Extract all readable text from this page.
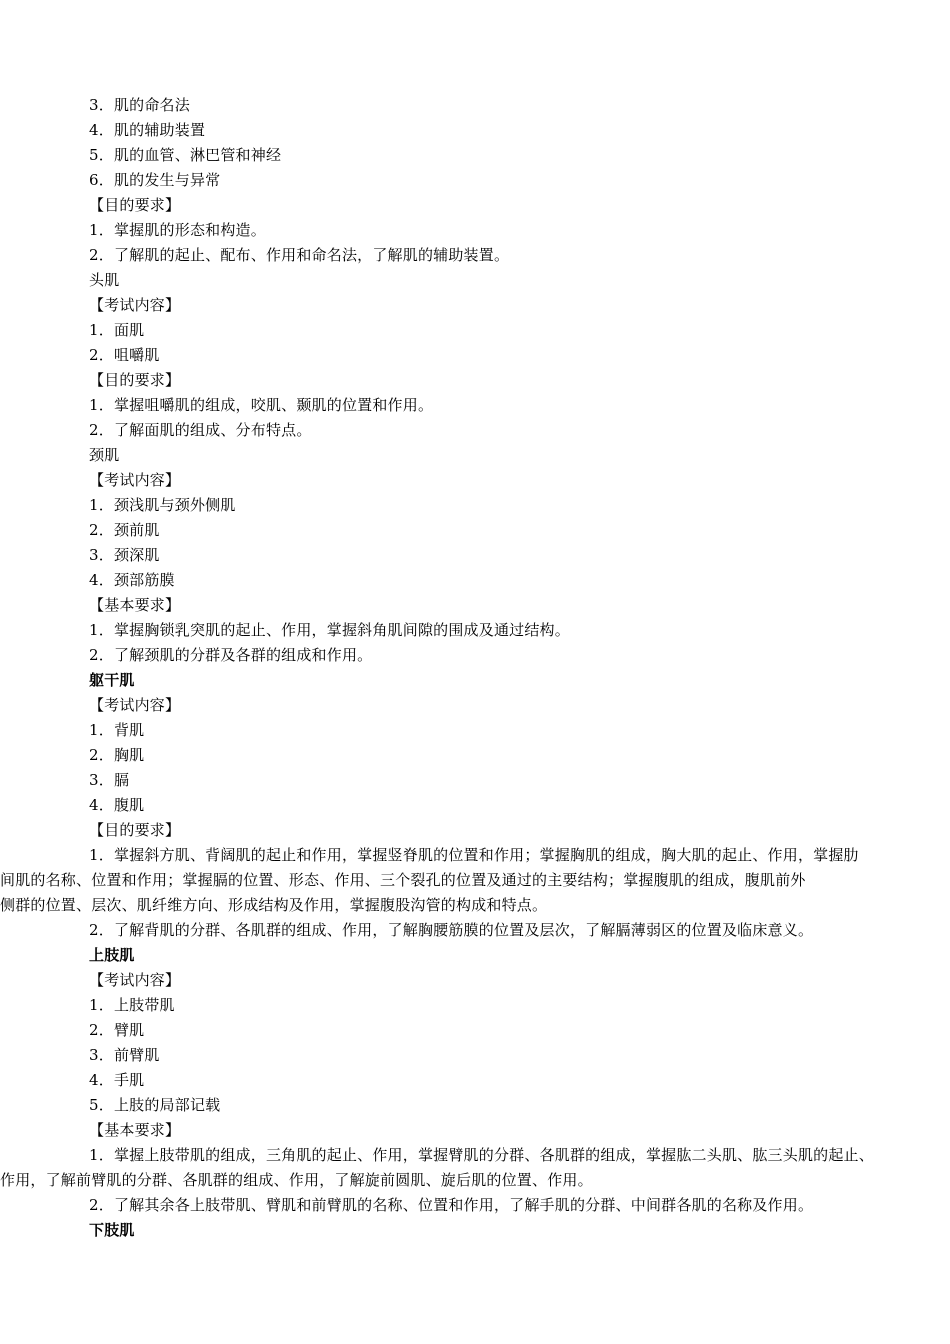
3．肌的命名法
4．肌的辅助装置
5．肌的血管、淋巴管和神经
6．肌的发生与异常
【目的要求】
1．掌握肌的形态和构造。
2．了解肌的起止、配布、作用和命名法，了解肌的辅助装置。
头肌
【考试内容】
1．面肌
2．咀嚼肌
【目的要求】
1．掌握咀嚼肌的组成，咬肌、颞肌的位置和作用。
2．了解面肌的组成、分布特点。
颈肌
【考试内容】
1．颈浅肌与颈外侧肌
2．颈前肌
3．颈深肌
4．颈部筋膜
【基本要求】
1．掌握胸锁乳突肌的起止、作用，掌握斜角肌间隙的围成及通过结构。
2．了解颈肌的分群及各群的组成和作用。
躯干肌
【考试内容】
1．背肌
2．胸肌
3．膈
4．腹肌
【目的要求】
1．掌握斜方肌、背阔肌的起止和作用，掌握竖脊肌的位置和作用；掌握胸肌的组成，胸大肌的起止、作用，掌握肋
间肌的名称、位置和作用；掌握膈的位置、形态、作用、三个裂孔的位置及通过的主要结构；掌握腹肌的组成，腹肌前外
侧群的位置、层次、肌纤维方向、形成结构及作用，掌握腹股沟管的构成和特点。
2．了解背肌的分群、各肌群的组成、作用，了解胸腰筋膜的位置及层次，了解膈薄弱区的位置及临床意义。
上肢肌
【考试内容】
1．上肢带肌
2．臂肌
3．前臂肌
4．手肌
5．上肢的局部记载
【基本要求】
1．掌握上肢带肌的组成，三角肌的起止、作用，掌握臂肌的分群、各肌群的组成，掌握肱二头肌、肱三头肌的起止、
作用，了解前臂肌的分群、各肌群的组成、作用，了解旋前圆肌、旋后肌的位置、作用。
2．了解其余各上肢带肌、臂肌和前臂肌的名称、位置和作用，了解手肌的分群、中间群各肌的名称及作用。
下肢肌
